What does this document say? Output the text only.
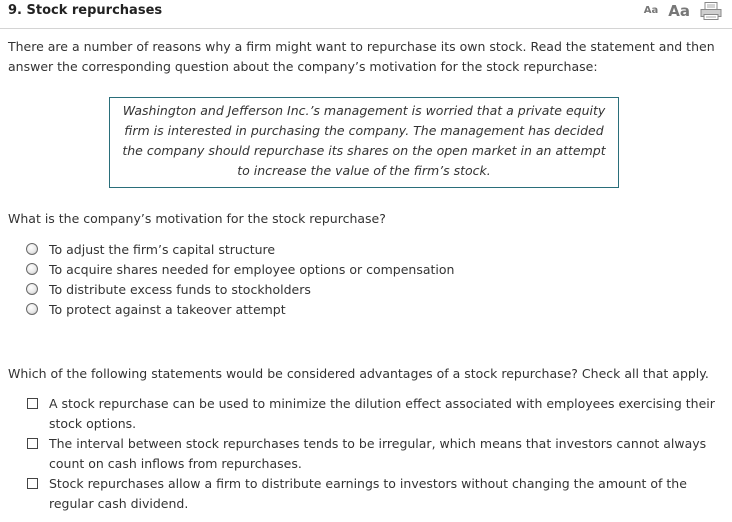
9. Stock repurchases	Aa Aa
There are a number of reasons why a firm might want to repurchase its own stock. Read the statement and then answer the corresponding question about the company’s motivation for the stock repurchase:
Washington and Jefferson Inc.’s management is worried that a private equity firm is interested in purchasing the company. The management has decided the company should repurchase its shares on the open market in an attempt to increase the value of the firm’s stock.
What is the company’s motivation for the stock repurchase?
To adjust the firm’s capital structure
To acquire shares needed for employee options or compensation
To distribute excess funds to stockholders
To protect against a takeover attempt
Which of the following statements would be considered advantages of a stock repurchase? Check all that apply.
A stock repurchase can be used to minimize the dilution effect associated with employees exercising their stock options.
The interval between stock repurchases tends to be irregular, which means that investors cannot always count on cash inflows from repurchases.
Stock repurchases allow a firm to distribute earnings to investors without changing the amount of the regular cash dividend.
